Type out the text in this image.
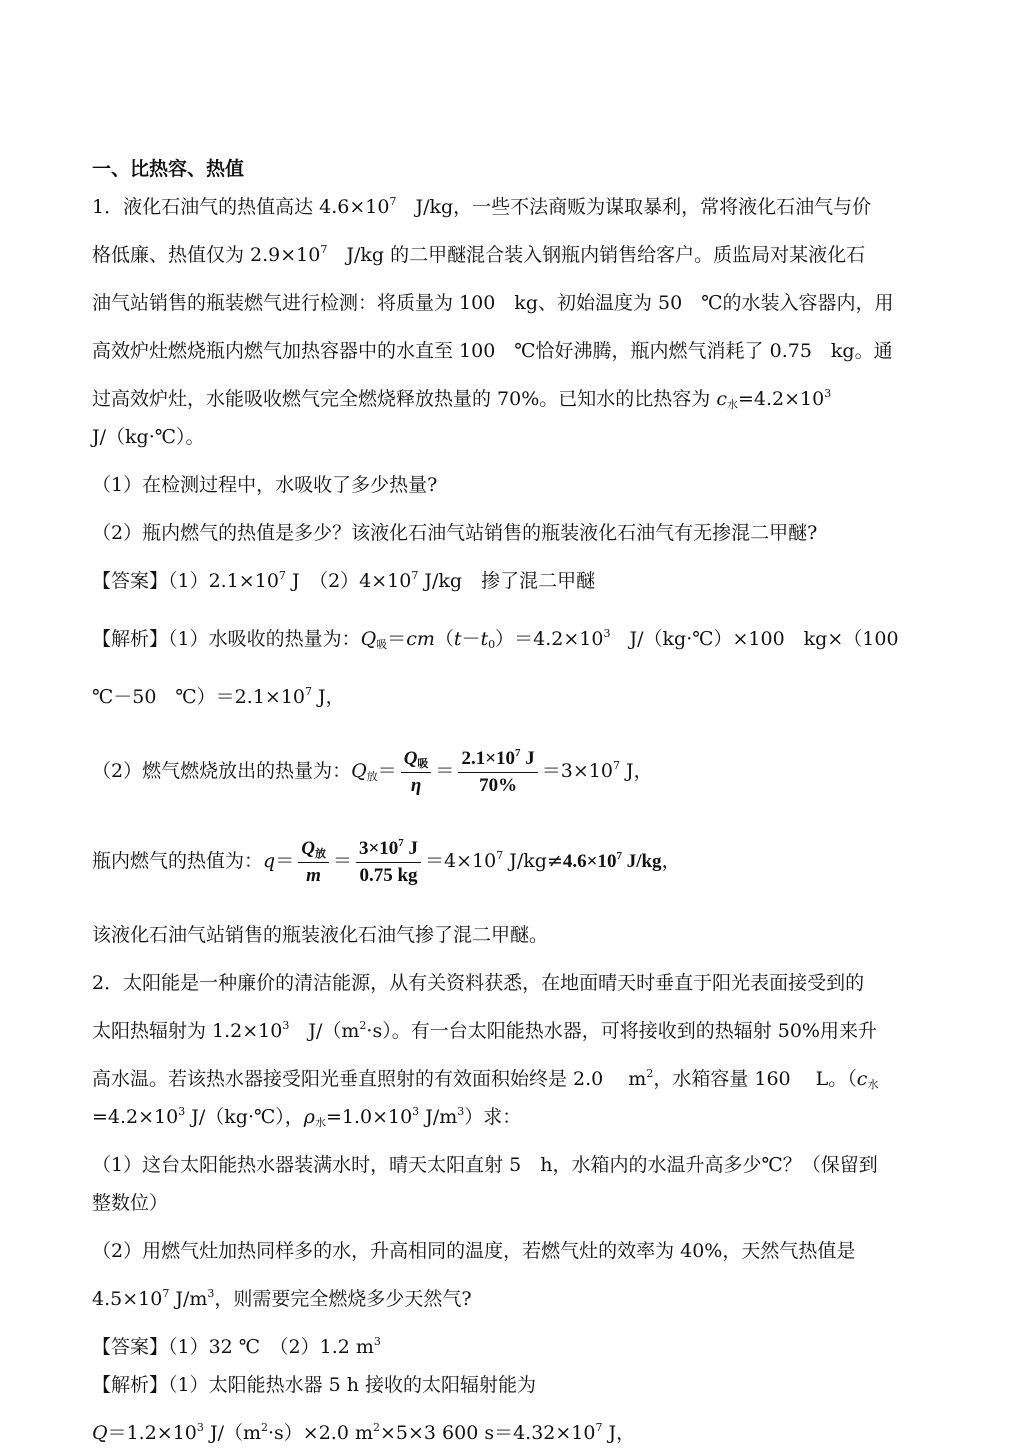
一、比热容、热值
1．液化石油气的热值高达 $4.6\times 10^7$　J/kg，一些不法商贩为谋取暴利，常将液化石油气与价
格低廉、热值仅为 $2.9\times 10^7$　J/kg 的二甲醚混合装入钢瓶内销售给客户。质监局对某液化石
油气站销售的瓶装燃气进行检测：将质量为 100　kg、初始温度为 50　℃的水装入容器内，用
高效炉灶燃烧瓶内燃气加热容器中的水直至 100　℃恰好沸腾，瓶内燃气消耗了 0.75　kg。通
过高效炉灶，水能吸收燃气完全燃烧释放热量的 70%。已知水的比热容为 $c_水=4.2\times 10^3$
J/（kg·℃）。
（1）在检测过程中，水吸收了多少热量?
（2）瓶内燃气的热值是多少？该液化石油气站销售的瓶装液化石油气有无掺混二甲醚?
【答案】$(1)2.1\times 10^7$ J　$(2)4\times 10^7$ J/kg　掺了混二甲醚
【解析】（1）水吸收的热量为：$Q_吸=cm(t-t_0)=4.2\times 10^3$　J/（kg·℃）×100　kg×（100
℃－50　$℃)=2.1\times 10^7$ J，
（2）燃气燃烧放出的热量为：$Q_放= \frac{Q_吸}{\eta} = \frac{2.1\times 10^7 J}{70\%} =3\times 10^7$ J，
瓶内燃气的热值为：$q= \frac{Q_放}{m} = \frac{3\times 10^7 J}{0.75 kg} =4\times 10^7$ $J/kg\ne 4.6\times 10^7$ J/kg，
该液化石油气站销售的瓶装液化石油气掺了混二甲醚。
2．太阳能是一种廉价的清洁能源，从有关资料获悉，在地面晴天时垂直于阳光表面接受到的
太阳热辐射为 $1.2\times 10^3$　$J/(m^2\cdot s)$。有一台太阳能热水器，可将接收到的热辐射 50%用来升
高水温。若该热水器接受阳光垂直照射的有效面积始终是 2.0　 $m^2$，水箱容量 160　 L。（$c_水$
$=4.2\times 10^3$ J/（kg·℃），$\rho_水=1.0\times 10^3$ $J/m^3$）求：
（1）这台太阳能热水器装满水时，晴天太阳直射 5　h，水箱内的水温升高多少℃？（保留到
整数位）
（2）用燃气灶加热同样多的水，升高相同的温度，若燃气灶的效率为 40%，天然气热值是
$4.5\times 10^7$ $J/m^3$，则需要完全燃烧多少天然气?
【答案】（1）32 ℃　（2）1.2 $m^3$
【解析】（1）太阳能热水器 5 h 接收的太阳辐射能为
$Q=1.2\times 10^3$ $J/(m^2\cdot s)\times 2.0$ $m^2\times 5\times 3$ 600 $s=4.32\times 10^7$ J，
